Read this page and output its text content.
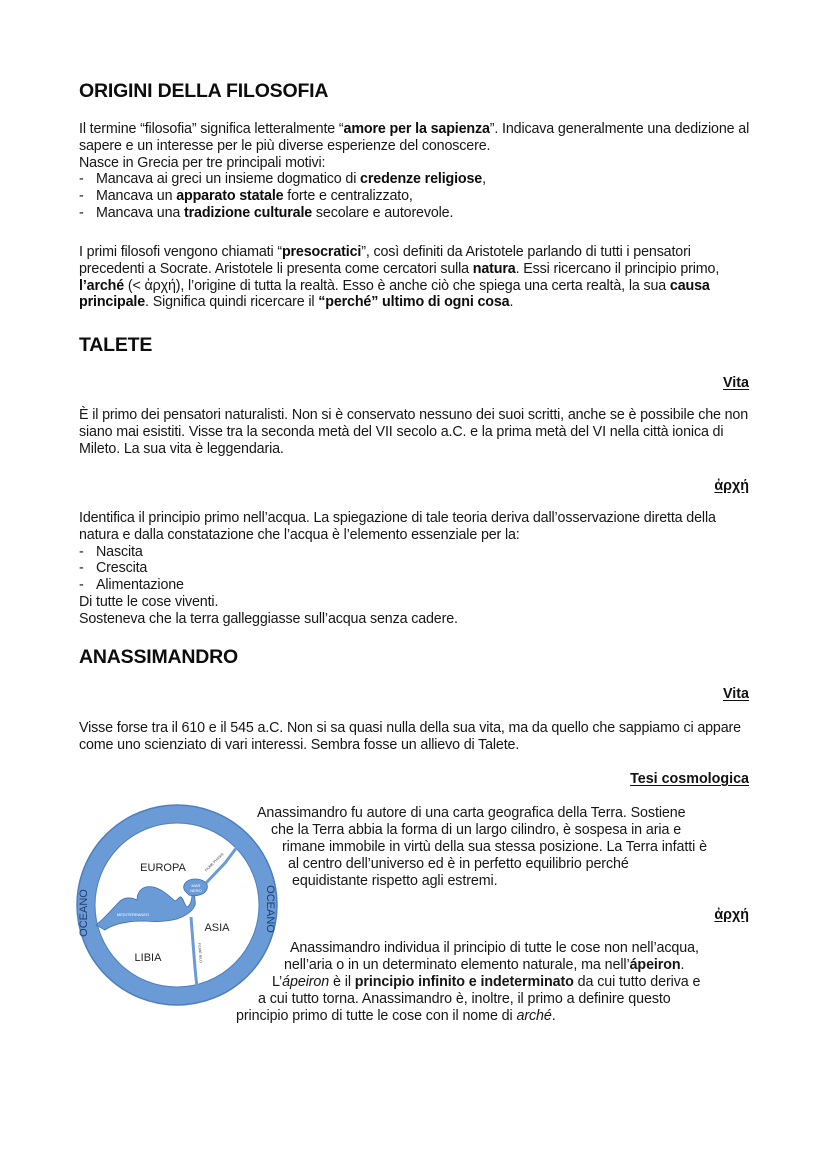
ORIGINI DELLA FILOSOFIA

Il termine “filosofia” significa letteralmente “amore per la sapienza”. Indicava generalmente una dedizione al sapere e un interesse per le più diverse esperienze del conoscere.
Nasce in Grecia per tre principali motivi:
- Mancava ai greci un insieme dogmatico di credenze religiose,
- Mancava un apparato statale forte e centralizzato,
- Mancava una tradizione culturale secolare e autorevole.

I primi filosofi vengono chiamati “presocratici”, così definiti da Aristotele parlando di tutti i pensatori precedenti a Socrate. Aristotele li presenta come cercatori sulla natura. Essi ricercano il principio primo, l’arché (< ἀρχή), l’origine di tutta la realtà. Esso è anche ciò che spiega una certa realtà, la sua causa principale. Significa quindi ricercare il “perché” ultimo di ogni cosa.

TALETE
Vita

È il primo dei pensatori naturalisti. Non si è conservato nessuno dei suoi scritti, anche se è possibile che non siano mai esistiti. Visse tra la seconda metà del VII secolo a.C. e la prima metà del VI nella città ionica di Mileto. La sua vita è leggendaria.

ἀρχή

Identifica il principio primo nell’acqua. La spiegazione di tale teoria deriva dall’osservazione diretta della natura e dalla constatazione che l’acqua è l’elemento essenziale per la:
- Nascita
- Crescita
- Alimentazione
Di tutte le cose viventi.
Sosteneva che la terra galleggiasse sull’acqua senza cadere.

ANASSIMANDRO
Vita

Visse forse tra il 610 e il 545 a.C. Non si sa quasi nulla della sua vita, ma da quello che sappiamo ci appare come uno scienziato di vari interessi. Sembra fosse un allievo di Talete.

Tesi cosmologica
Anassimandro fu autore di una carta geografica della Terra. Sostiene
che la Terra abbia la forma di un largo cilindro, è sospesa in aria e
rimane immobile in virtù della sua stessa posizione. La Terra infatti è
al centro dell’universo ed è in perfetto equilibrio perché
equidistante rispetto agli estremi.
ἀρχή
Anassimandro individua il principio di tutte le cose non nell’acqua,
nell’aria o in un determinato elemento naturale, ma nell’ápeiron.
L’ápeiron è il principio infinito e indeterminato da cui tutto deriva e
a cui tutto torna. Anassimandro è, inoltre, il primo a definire questo
principio primo di tutte le cose con il nome di arché.
OCEANO	OCEANO
EUROPA
ASIA
LIBIA
MEDITERRANEO
MAR
NERO
FIUME PHASIS
FIUME NILO
